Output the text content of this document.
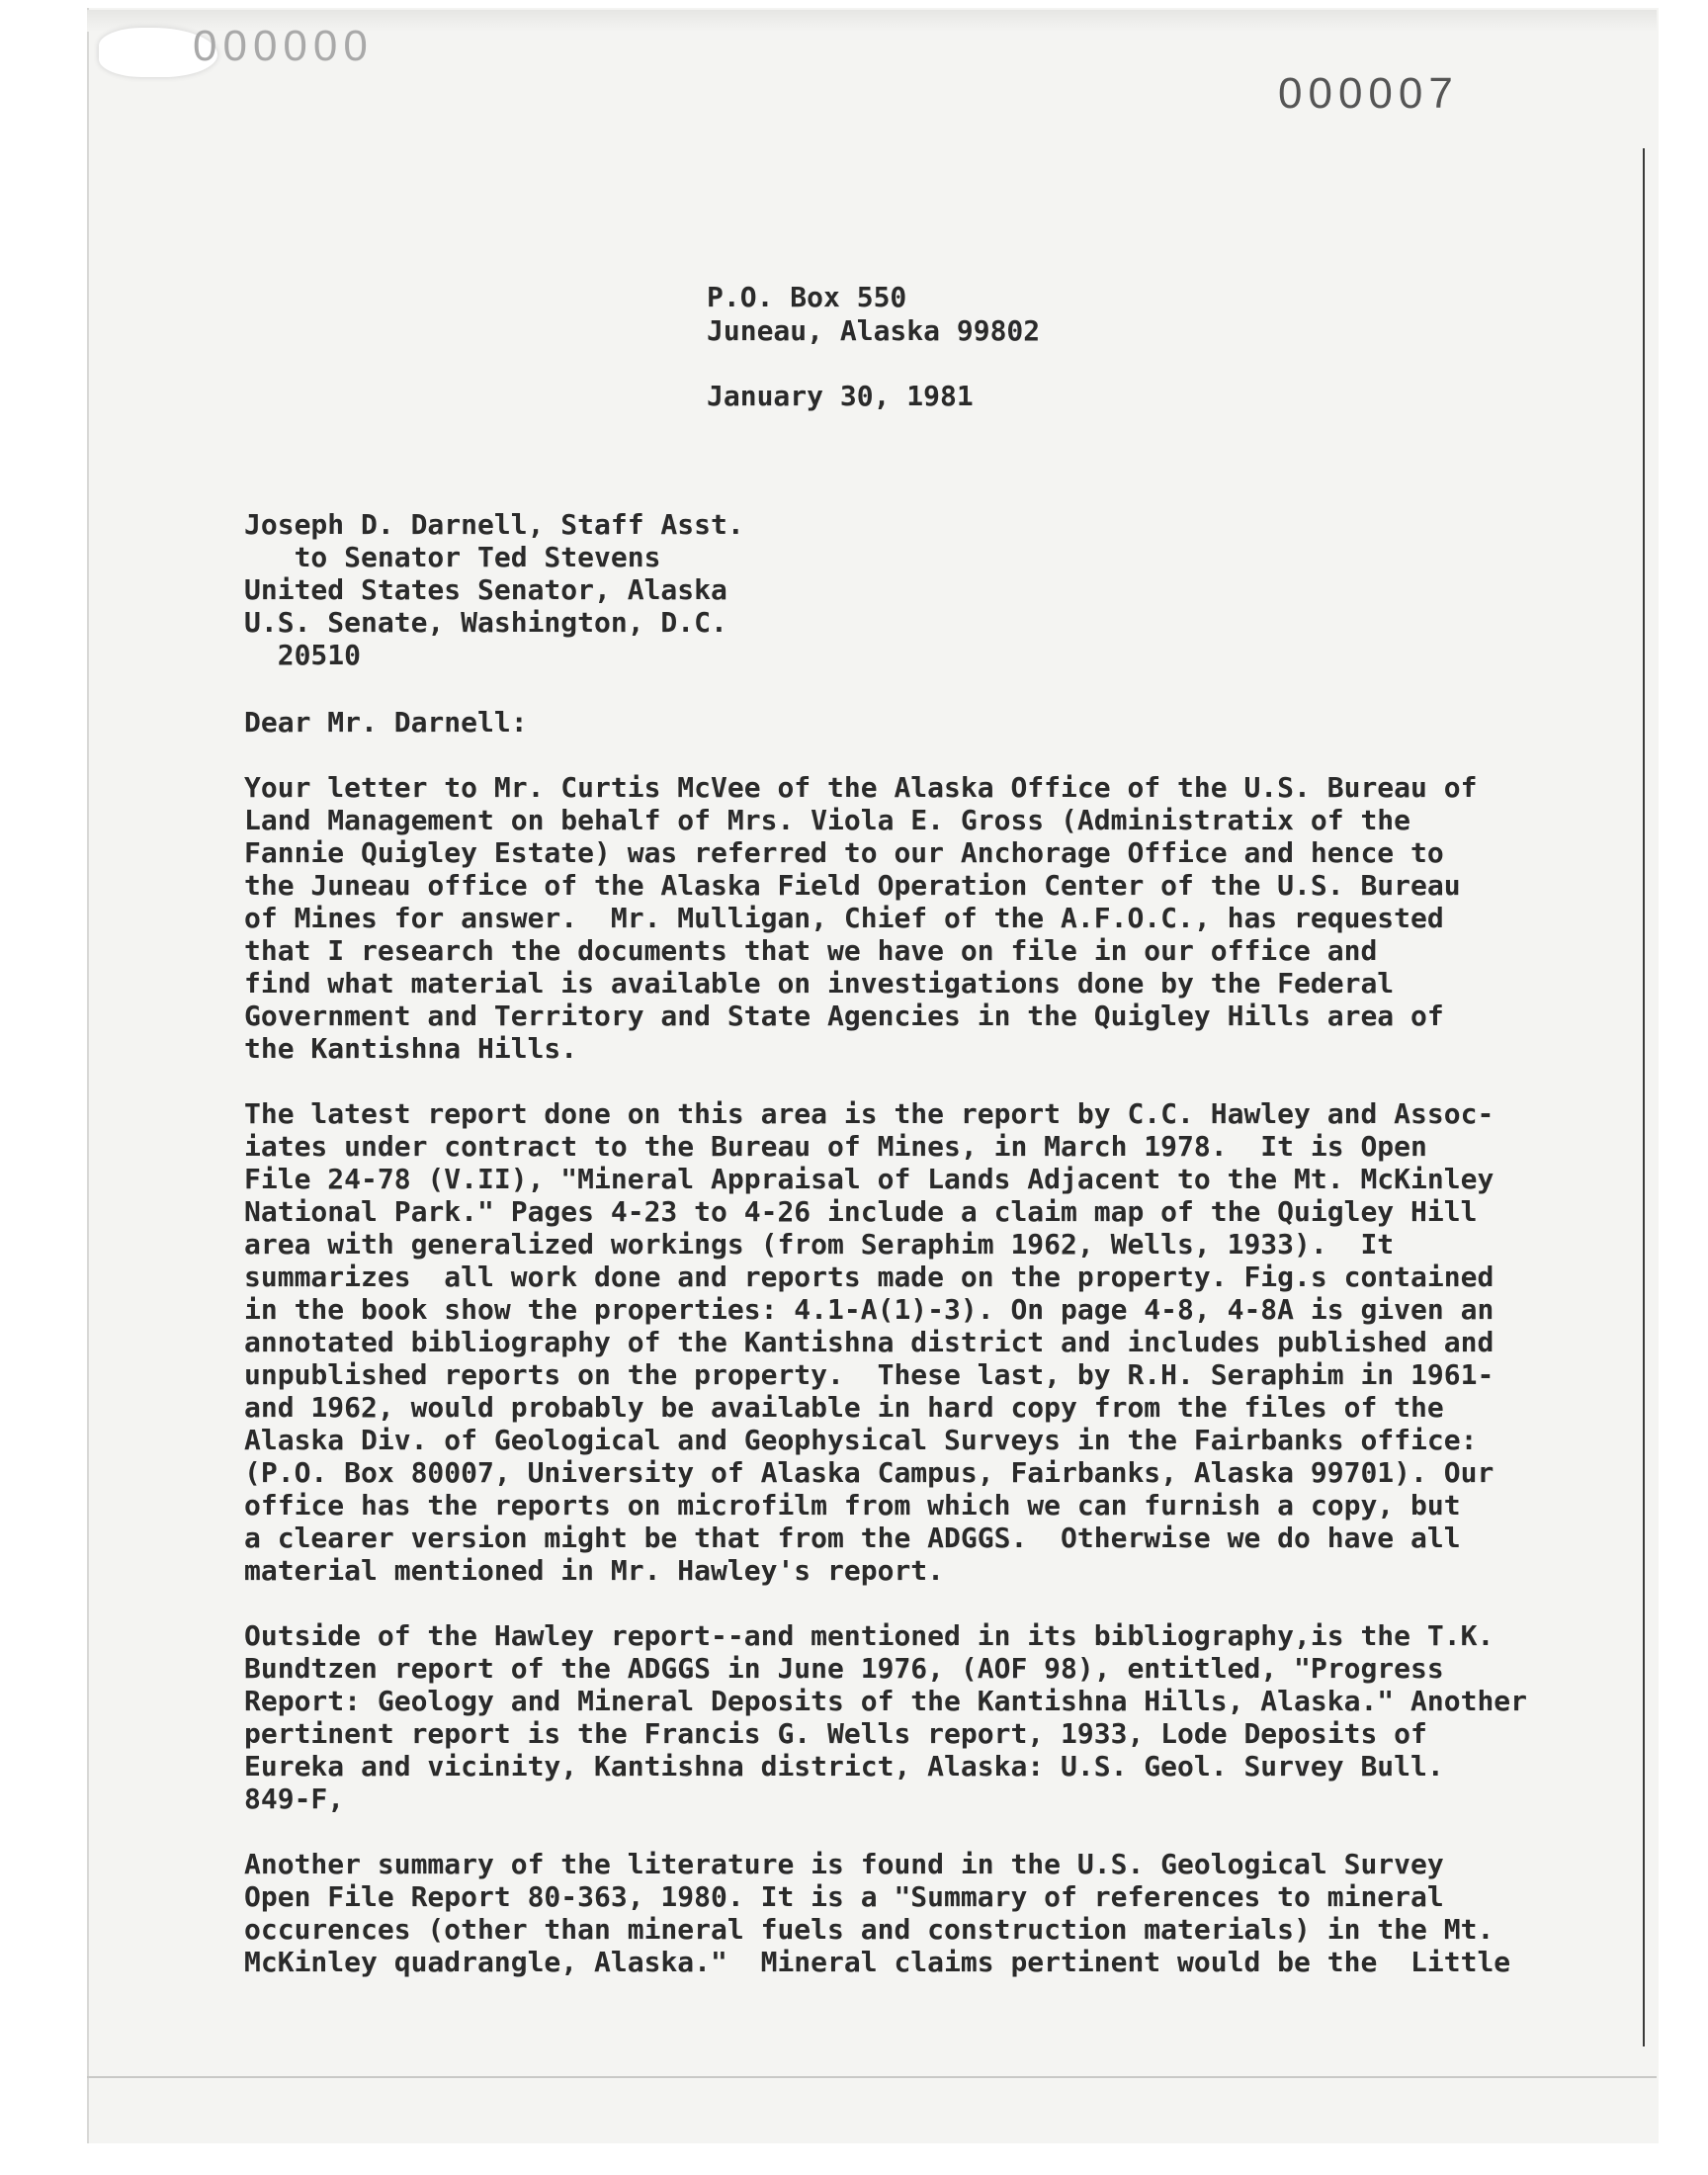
000000
000007
P.O. Box 550
Juneau, Alaska 99802
January 30, 1981
Joseph D. Darnell, Staff Asst.
to Senator Ted Stevens
United States Senator, Alaska
U.S. Senate, Washington, D.C.
20510
Dear Mr. Darnell:
Your letter to Mr. Curtis McVee of the Alaska Office of the U.S. Bureau of
Land Management on behalf of Mrs. Viola E. Gross (Administratix of the
Fannie Quigley Estate) was referred to our Anchorage Office and hence to
the Juneau office of the Alaska Field Operation Center of the U.S. Bureau
of Mines for answer.  Mr. Mulligan, Chief of the A.F.O.C., has requested
that I research the documents that we have on file in our office and
find what material is available on investigations done by the Federal
Government and Territory and State Agencies in the Quigley Hills area of
the Kantishna Hills.
The latest report done on this area is the report by C.C. Hawley and Assoc-
iates under contract to the Bureau of Mines, in March 1978.  It is Open
File 24-78 (V.II), "Mineral Appraisal of Lands Adjacent to the Mt. McKinley
National Park." Pages 4-23 to 4-26 include a claim map of the Quigley Hill
area with generalized workings (from Seraphim 1962, Wells, 1933).  It
summarizes  all work done and reports made on the property. Fig.s contained
in the book show the properties: 4.1-A(1)-3). On page 4-8, 4-8A is given an
annotated bibliography of the Kantishna district and includes published and
unpublished reports on the property.  These last, by R.H. Seraphim in 1961-
and 1962, would probably be available in hard copy from the files of the
Alaska Div. of Geological and Geophysical Surveys in the Fairbanks office:
(P.O. Box 80007, University of Alaska Campus, Fairbanks, Alaska 99701). Our
office has the reports on microfilm from which we can furnish a copy, but
a clearer version might be that from the ADGGS.  Otherwise we do have all
material mentioned in Mr. Hawley's report.
Outside of the Hawley report--and mentioned in its bibliography,is the T.K.
Bundtzen report of the ADGGS in June 1976, (AOF 98), entitled, "Progress
Report: Geology and Mineral Deposits of the Kantishna Hills, Alaska." Another
pertinent report is the Francis G. Wells report, 1933, Lode Deposits of
Eureka and vicinity, Kantishna district, Alaska: U.S. Geol. Survey Bull.
849-F,
Another summary of the literature is found in the U.S. Geological Survey
Open File Report 80-363, 1980. It is a "Summary of references to mineral
occurences (other than mineral fuels and construction materials) in the Mt.
McKinley quadrangle, Alaska."  Mineral claims pertinent would be the  Little
